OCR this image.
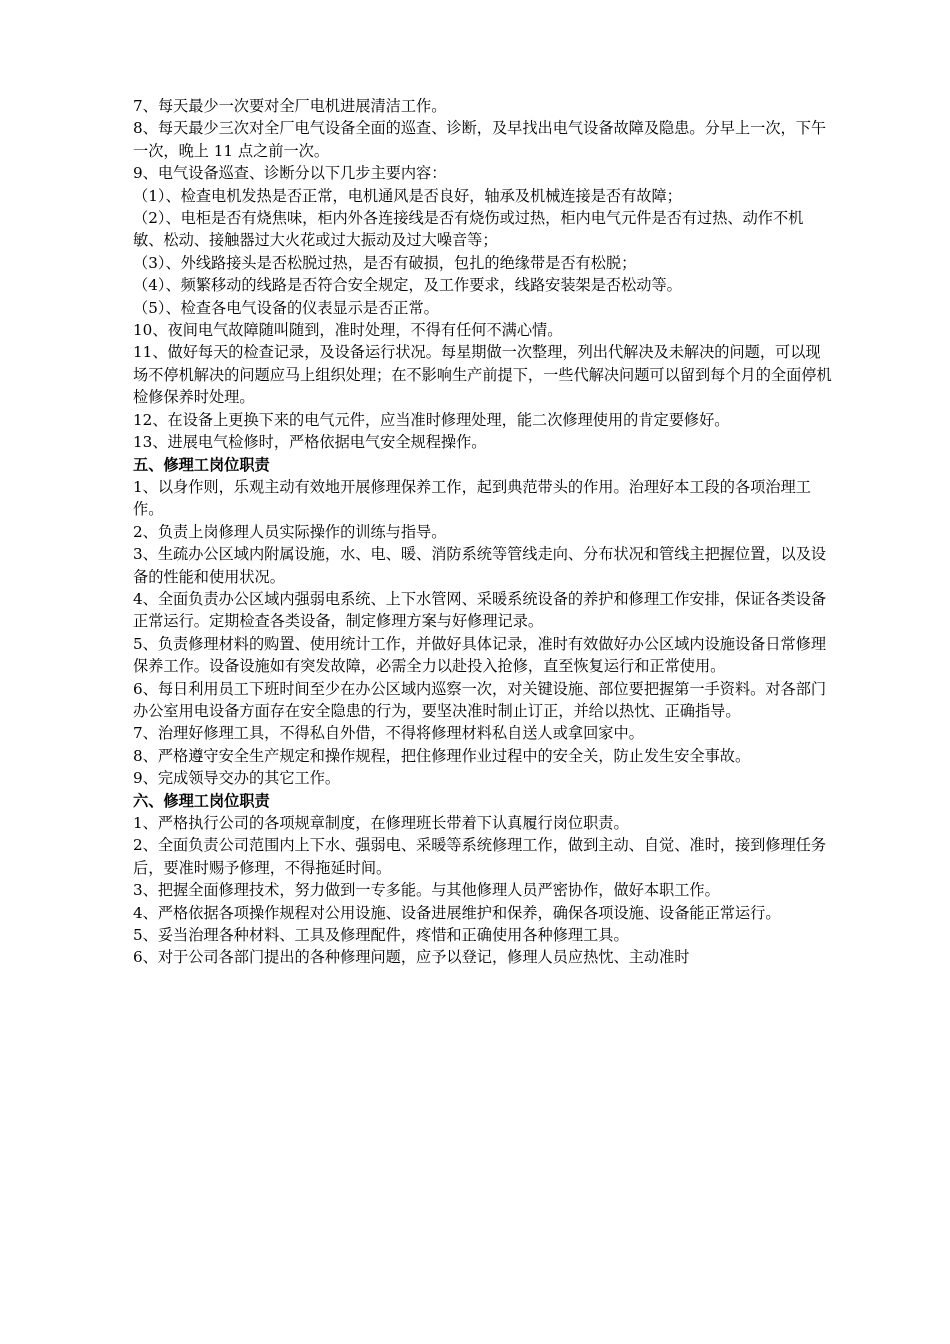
7、每天最少一次要对全厂电机进展清洁工作。

8、每天最少三次对全厂电气设备全面的巡查、诊断，及早找出电气设备故障及隐患。分早上一次，下午一次，晚上 11 点之前一次。

9、电气设备巡查、诊断分以下几步主要内容：

（1）、检查电机发热是否正常，电机通风是否良好，轴承及机械连接是否有故障；

（2）、电柜是否有烧焦味，柜内外各连接线是否有烧伤或过热，柜内电气元件是否有过热、动作不机敏、松动、接触器过大火花或过大振动及过大噪音等；

（3）、外线路接头是否松脱过热，是否有破损，包扎的绝缘带是否有松脱；

（4）、频繁移动的线路是否符合安全规定，及工作要求，线路安装架是否松动等。

（5）、检查各电气设备的仪表显示是否正常。

10、夜间电气故障随叫随到，准时处理，不得有任何不满心情。

11、做好每天的检查记录，及设备运行状况。每星期做一次整理，列出代解决及未解决的问题，可以现场不停机解决的问题应马上组织处理；在不影响生产前提下，一些代解决问题可以留到每个月的全面停机检修保养时处理。

12、在设备上更换下来的电气元件，应当准时修理处理，能二次修理使用的肯定要修好。

13、进展电气检修时，严格依据电气安全规程操作。

五、修理工岗位职责

1、以身作则，乐观主动有效地开展修理保养工作，起到典范带头的作用。治理好本工段的各项治理工作。

2、负责上岗修理人员实际操作的训练与指导。

3、生疏办公区域内附属设施，水、电、暖、消防系统等管线走向、分布状况和管线主把握位置，以及设备的性能和使用状况。

4、全面负责办公区域内强弱电系统、上下水管网、采暖系统设备的养护和修理工作安排，保证各类设备正常运行。定期检查各类设备，制定修理方案与好修理记录。

5、负责修理材料的购置、使用统计工作，并做好具体记录，准时有效做好办公区域内设施设备日常修理保养工作。设备设施如有突发故障，必需全力以赴投入抢修，直至恢复运行和正常使用。

6、每日利用员工下班时间至少在办公区域内巡察一次，对关键设施、部位要把握第一手资料。对各部门办公室用电设备方面存在安全隐患的行为，要坚决准时制止订正，并给以热忱、正确指导。

7、治理好修理工具，不得私自外借，不得将修理材料私自送人或拿回家中。

8、严格遵守安全生产规定和操作规程，把住修理作业过程中的安全关，防止发生安全事故。

9、完成领导交办的其它工作。

六、修理工岗位职责

1、严格执行公司的各项规章制度，在修理班长带着下认真履行岗位职责。

2、全面负责公司范围内上下水、强弱电、采暖等系统修理工作，做到主动、自觉、准时，接到修理任务后，要准时赐予修理，不得拖延时间。

3、把握全面修理技术，努力做到一专多能。与其他修理人员严密协作，做好本职工作。

4、严格依据各项操作规程对公用设施、设备进展维护和保养，确保各项设施、设备能正常运行。

5、妥当治理各种材料、工具及修理配件，疼惜和正确使用各种修理工具。

6、对于公司各部门提出的各种修理问题，应予以登记，修理人员应热忱、主动准时
